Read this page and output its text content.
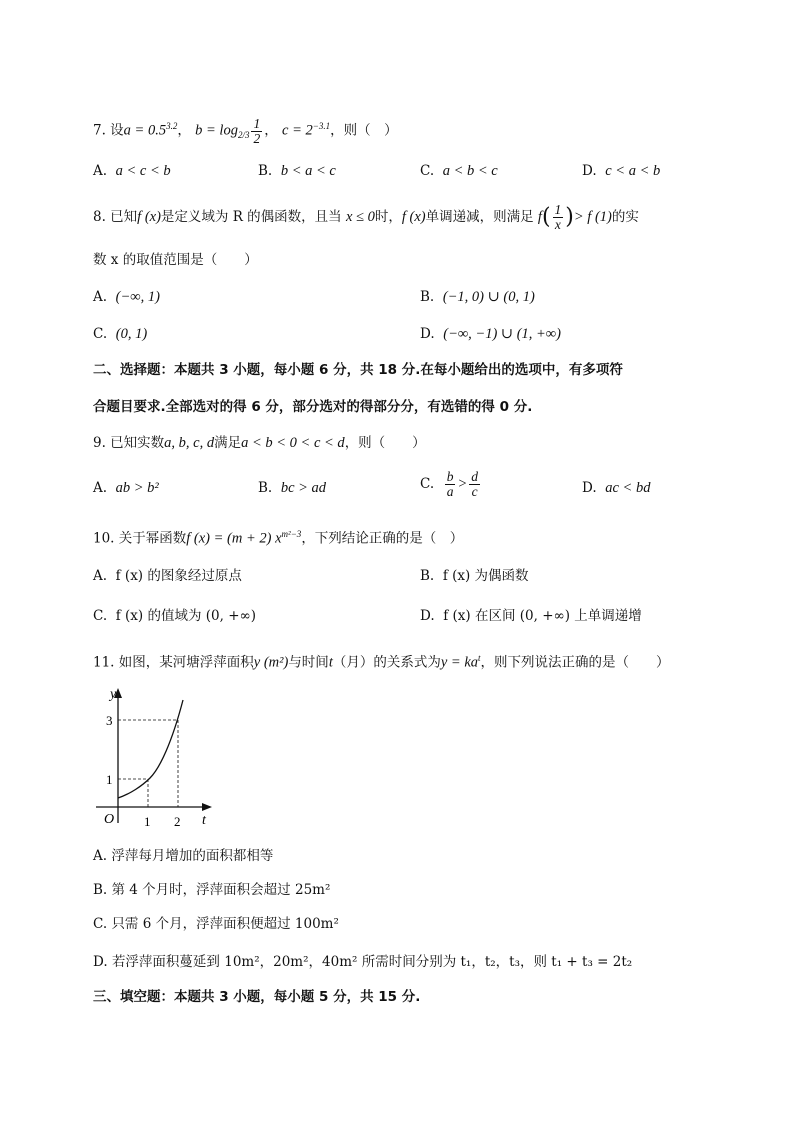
7. 设$a = 0.5^{3.2}$， $b = \log_{2/3} \frac{1}{2}$ ， $c = 2^{-3.1}$，则（　）
A. a < c < b	B. b < a < c	C. a < b < c	D. c < a < b
8. 已知f (x)是定义域为 R 的偶函数，且当 x ≤ 0时，f (x)单调递减，则满足 $f( \frac{1}{x}$ )> f (1)的实
数 x 的取值范围是（　　）
A. (−∞, 1)	B. (−1, 0) ∪ (0, 1)
C. (0, 1)	D. (−∞, −1) ∪ (1, +∞)
二、选择题：本题共 3 小题，每小题 6 分，共 18 分.在每小题给出的选项中，有多项符
合题目要求.全部选对的得 6 分，部分选对的得部分分，有选错的得 0 分.
9. 已知实数a, b, c, d满足a < b < 0 < c < d，则（　　）
A. ab > b²	B. bc > ad	C. $\frac{b}{a} > \frac{d}{c}$	D. ac < bd
10. 关于幂函数f (x) = (m + 2) $x^{m^2-3}$，下列结论正确的是（　）
A. f (x) 的图象经过原点	B. f (x) 为偶函数
C. f (x) 的值域为 (0, +∞)	D. f (x) 在区间 (0, +∞) 上单调递增
11. 如图，某河塘浮萍面积y (m²)与时间t（月）的关系式为$y = ka^t$，则下列说法正确的是（　　）
y
t
O 1 2
1
3
A. 浮萍每月增加的面积都相等
B. 第 4 个月时，浮萍面积会超过 25m²
C. 只需 6 个月，浮萍面积便超过 100m²
D. 若浮萍面积蔓延到 10m²，20m²，40m² 所需时间分别为 t₁，t₂，t₃，则 t₁ + t₃ = 2t₂
三、填空题：本题共 3 小题，每小题 5 分，共 15 分.
